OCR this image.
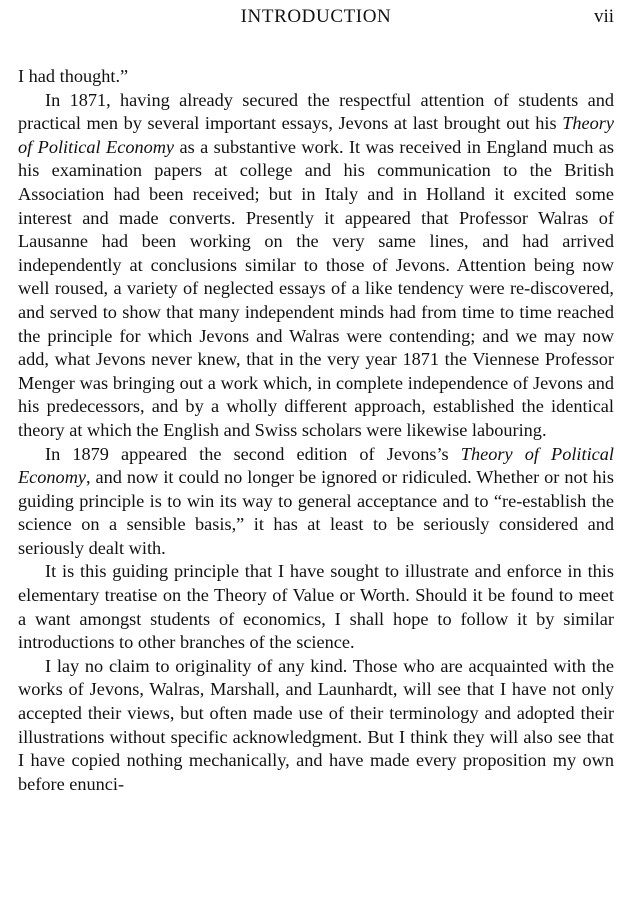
INTRODUCTION	vii

I had thought.”

In 1871, having already secured the respectful attention of students and practical men by several important essays, Jevons at last brought out his Theory of Political Economy as a substantive work. It was received in England much as his examination papers at college and his communication to the British Association had been received; but in Italy and in Holland it excited some interest and made converts. Presently it appeared that Professor Walras of Lausanne had been working on the very same lines, and had arrived independently at conclusions similar to those of Jevons. Attention being now well roused, a variety of neglected essays of a like tendency were re-discovered, and served to show that many independent minds had from time to time reached the principle for which Jevons and Walras were contending; and we may now add, what Jevons never knew, that in the very year 1871 the Viennese Professor Menger was bringing out a work which, in complete independence of Jevons and his predecessors, and by a wholly different approach, established the identical theory at which the English and Swiss scholars were likewise labouring.

In 1879 appeared the second edition of Jevons’s Theory of Political Economy, and now it could no longer be ignored or ridiculed. Whether or not his guiding principle is to win its way to general acceptance and to “re-establish the science on a sensible basis,” it has at least to be seriously considered and seriously dealt with.

It is this guiding principle that I have sought to illustrate and enforce in this elementary treatise on the Theory of Value or Worth. Should it be found to meet a want amongst students of economics, I shall hope to follow it by similar introductions to other branches of the science.

I lay no claim to originality of any kind. Those who are acquainted with the works of Jevons, Walras, Marshall, and Launhardt, will see that I have not only accepted their views, but often made use of their terminology and adopted their illustrations without specific acknowledgment. But I think they will also see that I have copied nothing mechanically, and have made every proposition my own before enunci-
